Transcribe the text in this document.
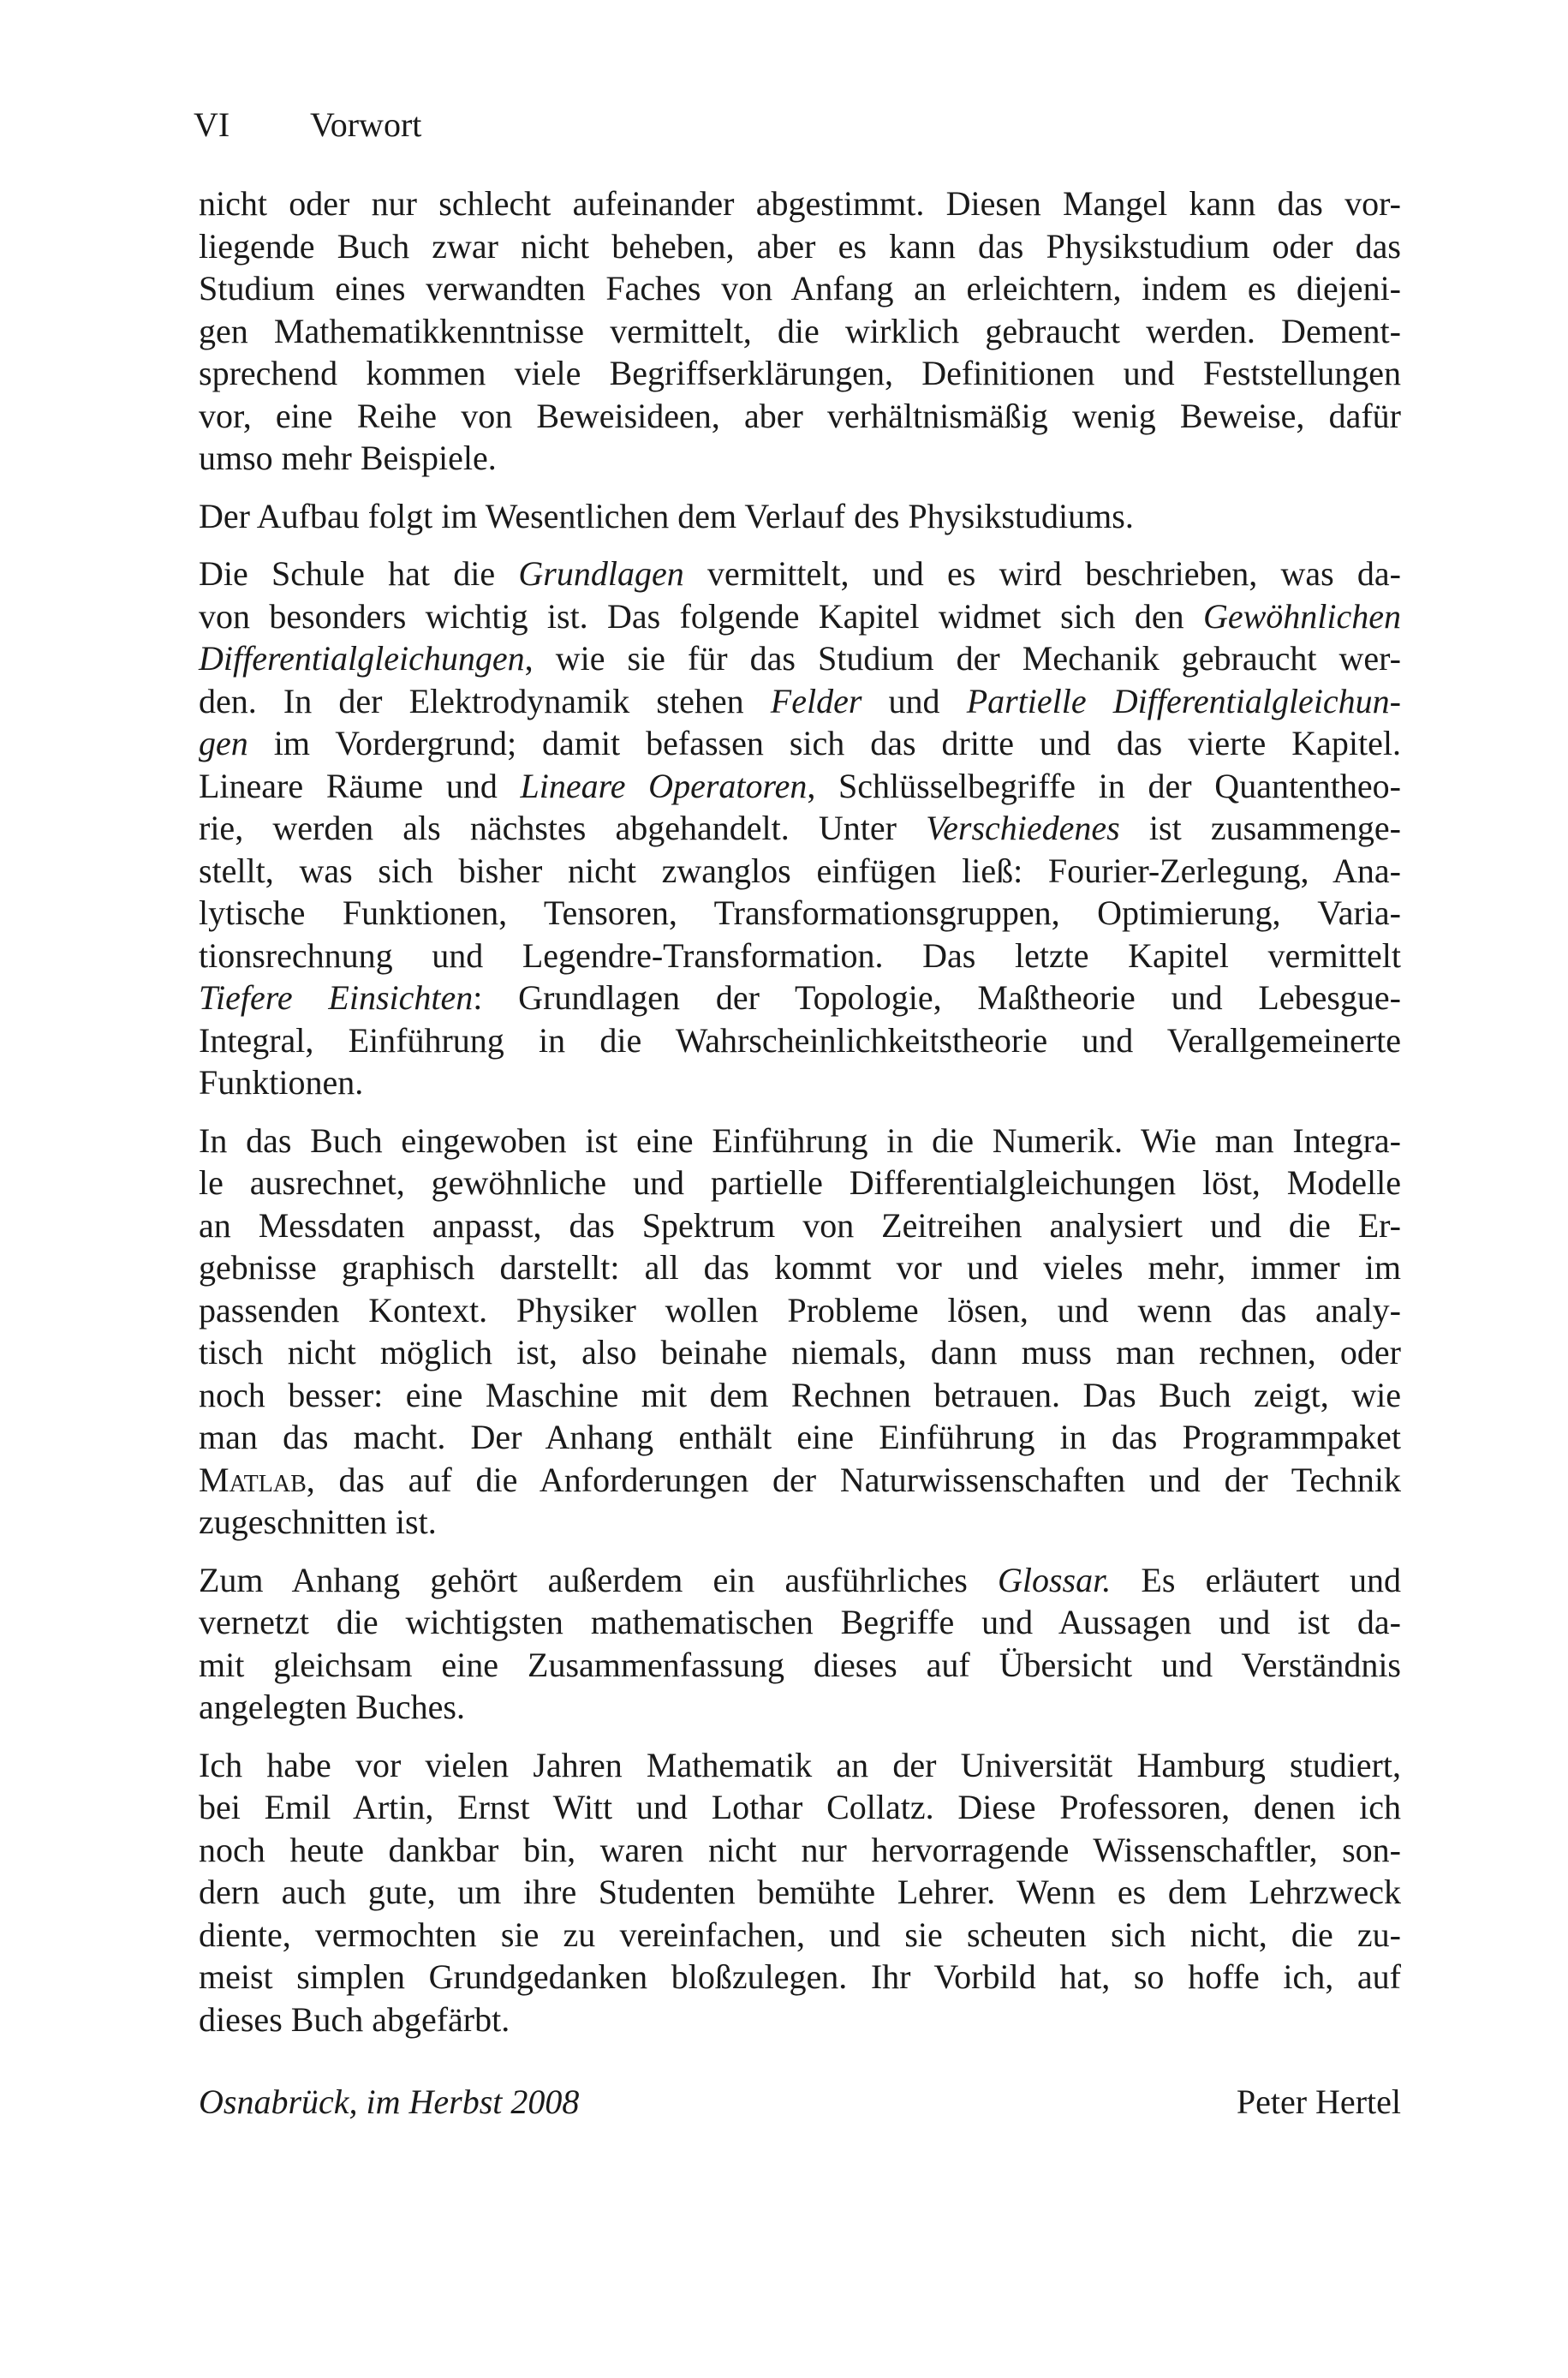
VI Vorwort
nicht oder nur schlecht aufeinander abgestimmt. Diesen Mangel kann das vor-
liegende Buch zwar nicht beheben, aber es kann das Physikstudium oder das
Studium eines verwandten Faches von Anfang an erleichtern, indem es diejeni-
gen Mathematikkenntnisse vermittelt, die wirklich gebraucht werden. Dement-
sprechend kommen viele Begriffserklärungen, Definitionen und Feststellungen
vor, eine Reihe von Beweisideen, aber verhältnismäßig wenig Beweise, dafür
umso mehr Beispiele.
Der Aufbau folgt im Wesentlichen dem Verlauf des Physikstudiums.
Die Schule hat die Grundlagen vermittelt, und es wird beschrieben, was da-
von besonders wichtig ist. Das folgende Kapitel widmet sich den Gewöhnlichen
Differentialgleichungen, wie sie für das Studium der Mechanik gebraucht wer-
den. In der Elektrodynamik stehen Felder und Partielle Differentialgleichun-
gen im Vordergrund; damit befassen sich das dritte und das vierte Kapitel.
Lineare Räume und Lineare Operatoren, Schlüsselbegriffe in der Quantentheo-
rie, werden als nächstes abgehandelt. Unter Verschiedenes ist zusammenge-
stellt, was sich bisher nicht zwanglos einfügen ließ: Fourier-Zerlegung, Ana-
lytische Funktionen, Tensoren, Transformationsgruppen, Optimierung, Varia-
tionsrechnung und Legendre-Transformation. Das letzte Kapitel vermittelt
Tiefere Einsichten: Grundlagen der Topologie, Maßtheorie und Lebesgue-
Integral, Einführung in die Wahrscheinlichkeitstheorie und Verallgemeinerte
Funktionen.
In das Buch eingewoben ist eine Einführung in die Numerik. Wie man Integra-
le ausrechnet, gewöhnliche und partielle Differentialgleichungen löst, Modelle
an Messdaten anpasst, das Spektrum von Zeitreihen analysiert und die Er-
gebnisse graphisch darstellt: all das kommt vor und vieles mehr, immer im
passenden Kontext. Physiker wollen Probleme lösen, und wenn das analy-
tisch nicht möglich ist, also beinahe niemals, dann muss man rechnen, oder
noch besser: eine Maschine mit dem Rechnen betrauen. Das Buch zeigt, wie
man das macht. Der Anhang enthält eine Einführung in das Programmpaket
Matlab, das auf die Anforderungen der Naturwissenschaften und der Technik
zugeschnitten ist.
Zum Anhang gehört außerdem ein ausführliches Glossar. Es erläutert und
vernetzt die wichtigsten mathematischen Begriffe und Aussagen und ist da-
mit gleichsam eine Zusammenfassung dieses auf Übersicht und Verständnis
angelegten Buches.
Ich habe vor vielen Jahren Mathematik an der Universität Hamburg studiert,
bei Emil Artin, Ernst Witt und Lothar Collatz. Diese Professoren, denen ich
noch heute dankbar bin, waren nicht nur hervorragende Wissenschaftler, son-
dern auch gute, um ihre Studenten bemühte Lehrer. Wenn es dem Lehrzweck
diente, vermochten sie zu vereinfachen, und sie scheuten sich nicht, die zu-
meist simplen Grundgedanken bloßzulegen. Ihr Vorbild hat, so hoffe ich, auf
dieses Buch abgefärbt.
Osnabrück, im Herbst 2008	Peter Hertel
